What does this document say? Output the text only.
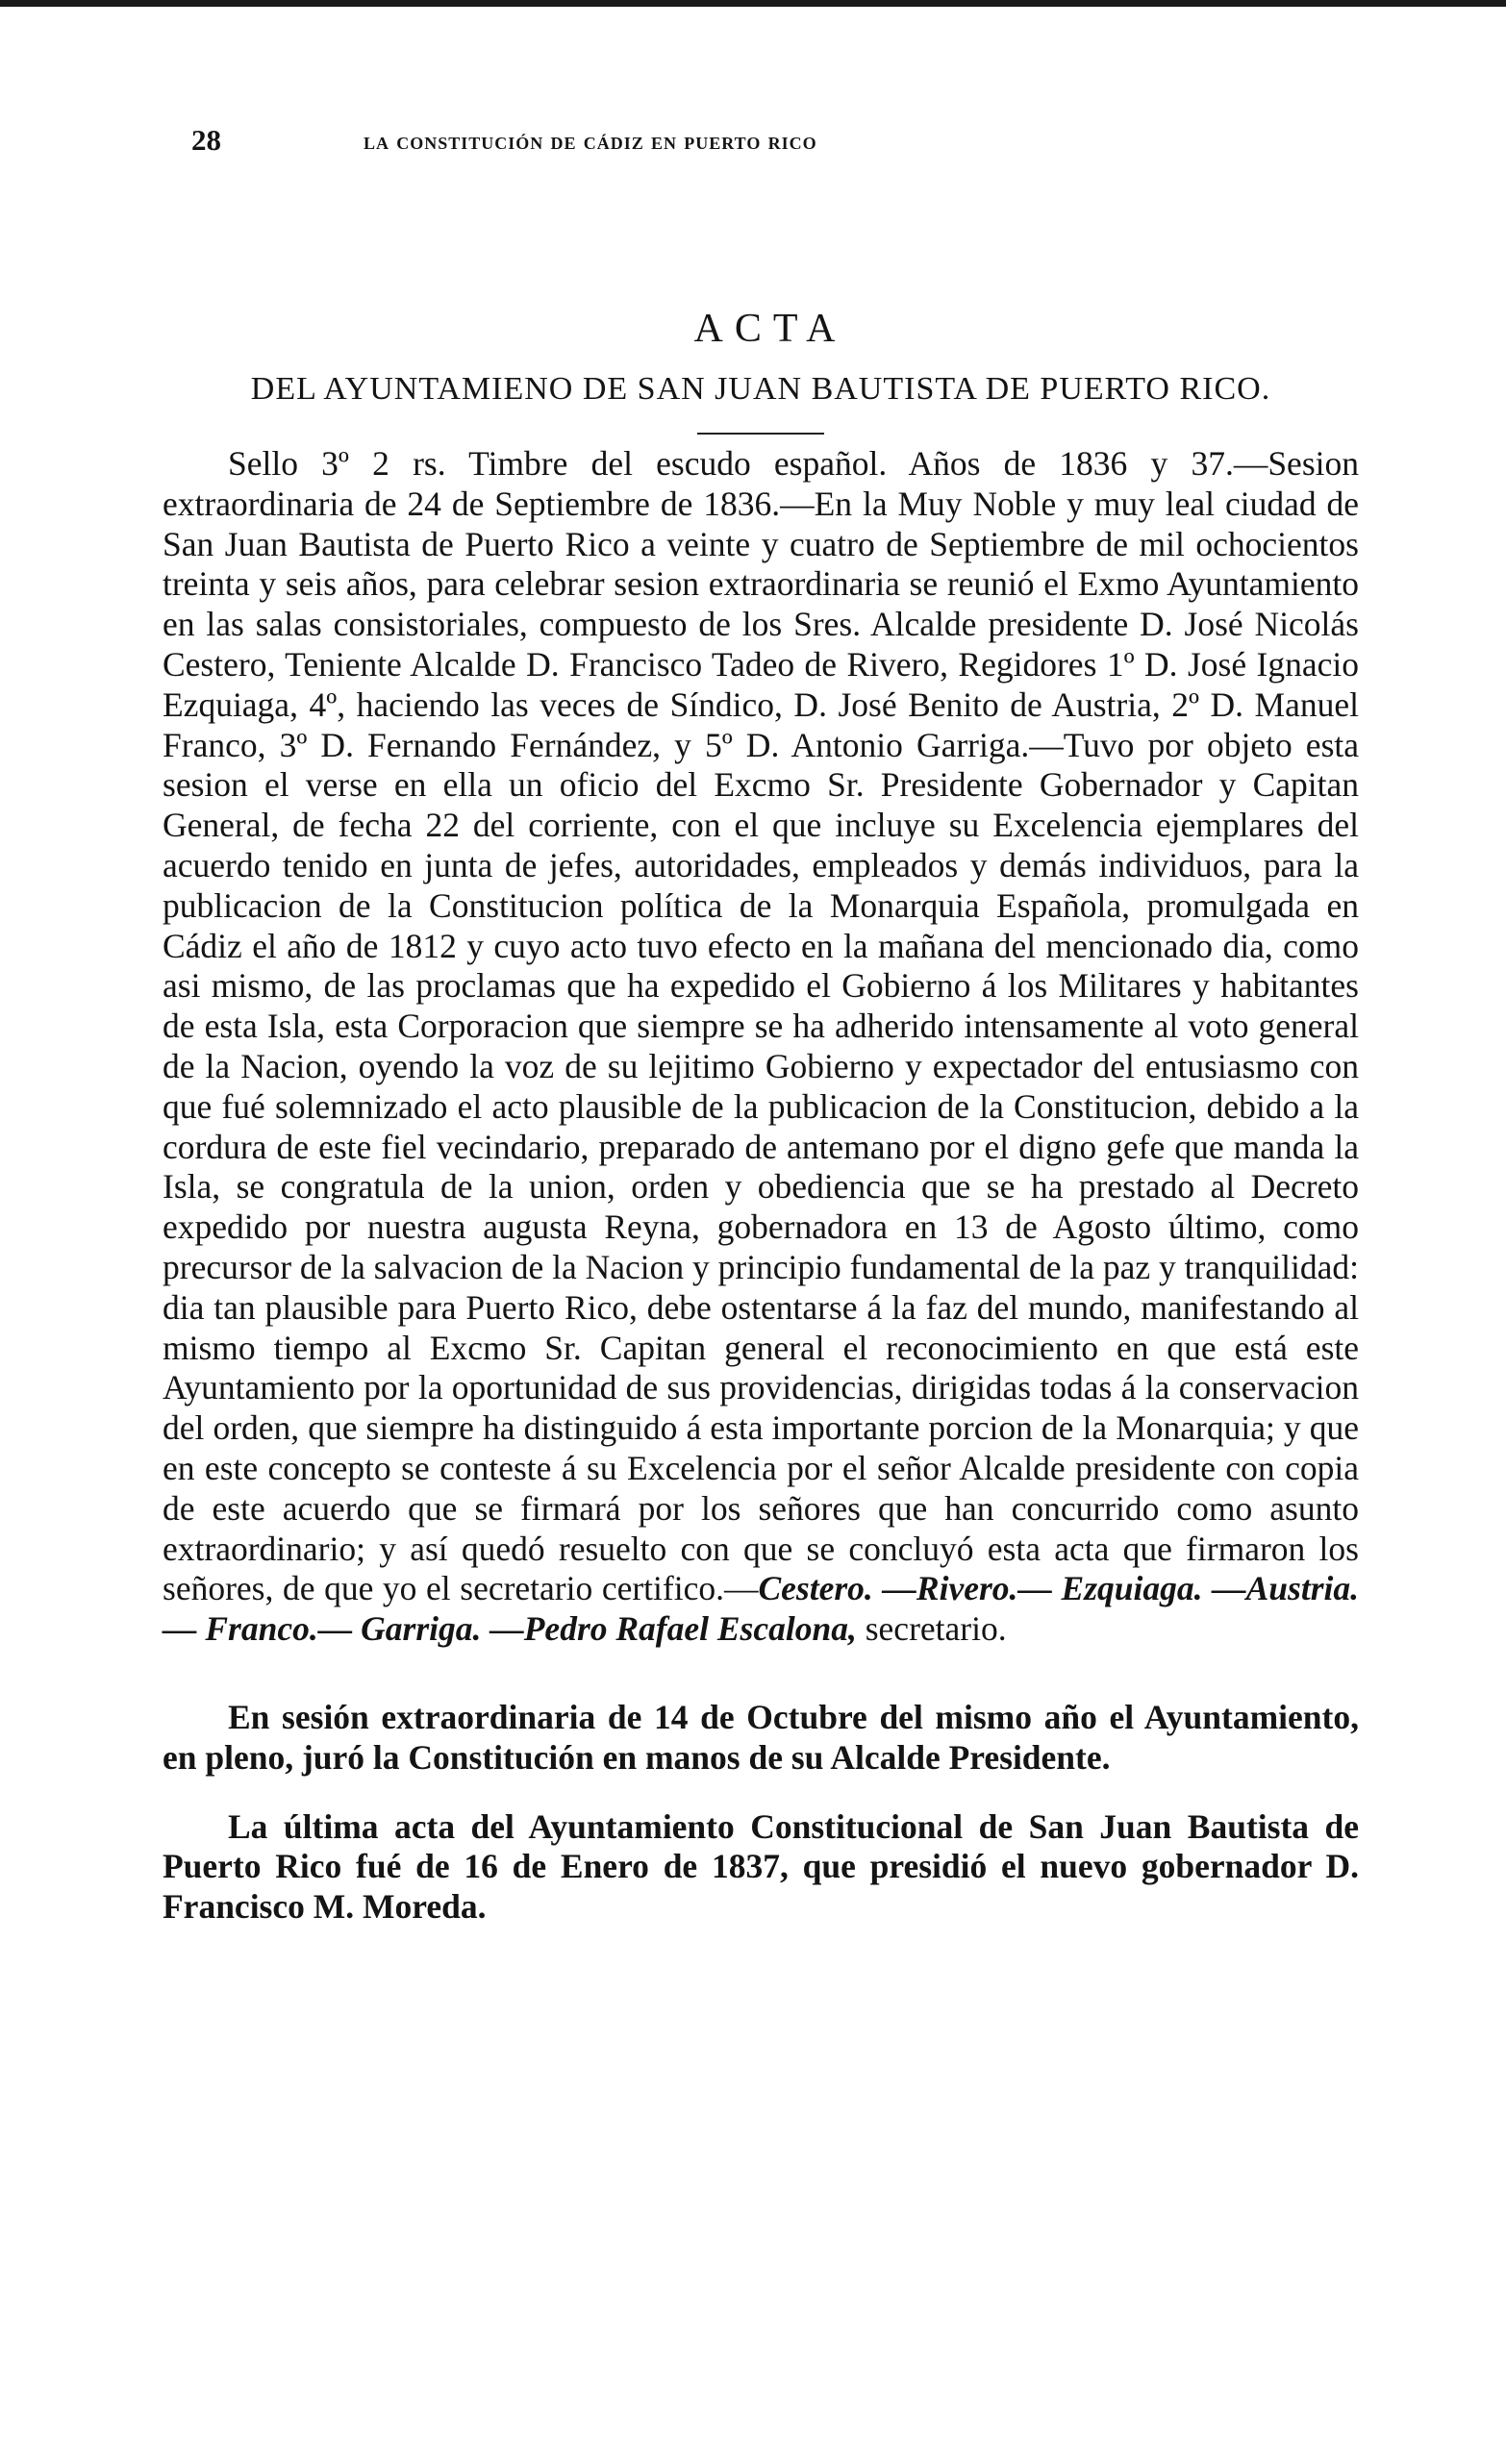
28	la constitución de cádiz en puerto rico
ACTA
DEL AYUNTAMIENO DE SAN JUAN BAUTISTA DE PUERTO RICO.

Sello 3º 2 rs. Timbre del escudo español. Años de 1836 y 37.—Sesion extraordinaria de 24 de Septiembre de 1836.—En la Muy Noble y muy leal ciudad de San Juan Bautista de Puerto Rico a veinte y cuatro de Septiembre de mil ochocientos treinta y seis años, para celebrar sesion extraordinaria se reunió el Exmo Ayuntamiento en las salas consistoriales, compuesto de los Sres. Alcalde presidente D. José Nicolás Cestero, Teniente Alcalde D. Francisco Tadeo de Rivero, Regidores 1º D. José Ignacio Ezquiaga, 4º, haciendo las veces de Síndico, D. José Benito de Austria, 2º D. Manuel Franco, 3º D. Fernando Fernández, y 5º D. Antonio Garriga.—Tuvo por objeto esta sesion el verse en ella un oficio del Excmo Sr. Presidente Gobernador y Capitan General, de fecha 22 del corriente, con el que incluye su Excelencia ejemplares del acuerdo tenido en junta de jefes, autoridades, empleados y demás individuos, para la publicacion de la Constitucion política de la Monarquia Española, promulgada en Cádiz el año de 1812 y cuyo acto tuvo efecto en la mañana del mencionado dia, como asi mismo, de las proclamas que ha expedido el Gobierno á los Militares y habitantes de esta Isla, esta Corporacion que siempre se ha adherido intensamente al voto general de la Nacion, oyendo la voz de su lejitimo Gobierno y expectador del entusiasmo con que fué solemnizado el acto plausible de la publicacion de la Constitucion, debido a la cordura de este fiel vecindario, preparado de antemano por el digno gefe que manda la Isla, se congratula de la union, orden y obediencia que se ha prestado al Decreto expedido por nuestra augusta Reyna, gobernadora en 13 de Agosto último, como precursor de la salvacion de la Nacion y principio fundamental de la paz y tranquilidad: dia tan plausible para Puerto Rico, debe ostentarse á la faz del mundo, manifestando al mismo tiempo al Excmo Sr. Capitan general el reconocimiento en que está este Ayuntamiento por la oportunidad de sus providencias, dirigidas todas á la conservacion del orden, que siempre ha distinguido á esta importante porcion de la Monarquia; y que en este concepto se conteste á su Excelencia por el señor Alcalde presidente con copia de este acuerdo que se firmará por los señores que han concurrido como asunto extraordinario; y así quedó resuelto con que se concluyó esta acta que firmaron los señores, de que yo el secretario certifico.—Cestero. —Rivero.— Ezquiaga. —Austria. — Franco.— Garriga. —Pedro Rafael Escalona, secretario.

En sesión extraordinaria de 14 de Octubre del mismo año el Ayuntamiento, en pleno, juró la Constitución en manos de su Alcalde Presidente.

La última acta del Ayuntamiento Constitucional de San Juan Bautista de Puerto Rico fué de 16 de Enero de 1837, que presidió el nuevo gobernador D. Francisco M. Moreda.
